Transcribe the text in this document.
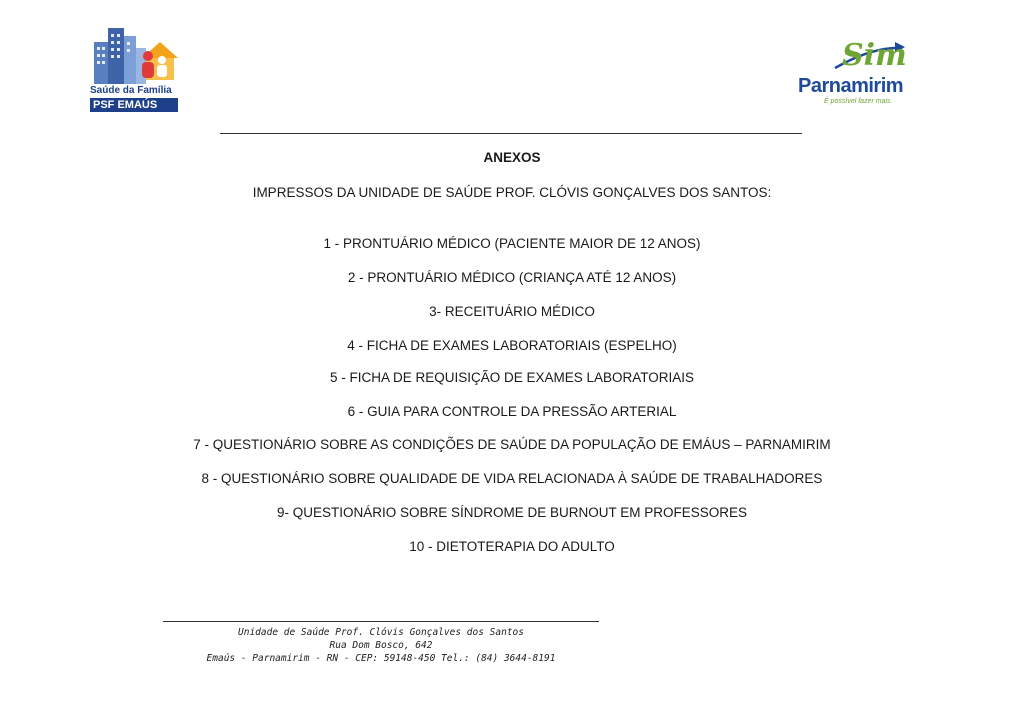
Saúde da Família
PSF EMAÚS
Sim
Parnamirim
É possível fazer mais.
ANEXOS
IMPRESSOS DA UNIDADE DE SAÚDE PROF. CLÓVIS GONÇALVES DOS SANTOS:
1 - PRONTUÁRIO MÉDICO (PACIENTE MAIOR DE 12 ANOS)
2 - PRONTUÁRIO MÉDICO (CRIANÇA ATÉ 12 ANOS)
3- RECEITUÁRIO MÉDICO
4 - FICHA DE EXAMES LABORATORIAIS (ESPELHO)
5 - FICHA DE REQUISIÇÃO DE EXAMES LABORATORIAIS
6 - GUIA PARA CONTROLE DA PRESSÃO ARTERIAL
7 - QUESTIONÁRIO SOBRE AS CONDIÇÕES DE SAÚDE DA POPULAÇÃO DE EMÁUS – PARNAMIRIM
8 - QUESTIONÁRIO SOBRE QUALIDADE DE VIDA RELACIONADA À SAÚDE DE TRABALHADORES
9- QUESTIONÁRIO SOBRE SÍNDROME DE BURNOUT EM PROFESSORES
10 - DIETOTERAPIA DO ADULTO
Unidade de Saúde Prof. Clóvis Gonçalves dos Santos
Rua Dom Bosco, 642
Emaús - Parnamirim - RN - CEP: 59148-450 Tel.: (84) 3644-8191
